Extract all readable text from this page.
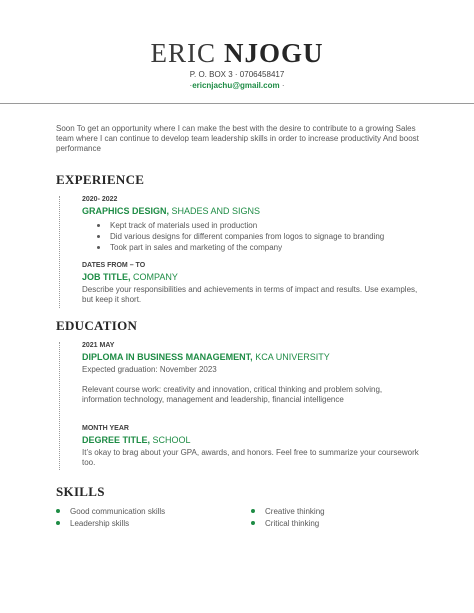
ERIC NJOGU
P. O. BOX 3 · 0706458417
·ericnjachu@gmail.com ·
Soon To get an opportunity where I can make the best with the desire to contribute to a growing Sales team where I can continue to develop team leadership skills in order to increase productivity And boost performance
EXPERIENCE
2020- 2022
GRAPHICS DESIGN, SHADES AND SIGNS
Kept track of materials used in production
Did various designs for different companies from logos to signage to branding
Took part in sales and marketing of the company
DATES FROM – TO
JOB TITLE, COMPANY
Describe your responsibilities and achievements in terms of impact and results. Use examples, but keep it short.
EDUCATION
2021 MAY
DIPLOMA IN BUSINESS MANAGEMENT, KCA UNIVERSITY
Expected graduation: November 2023
Relevant course work: creativity and innovation, critical thinking and problem solving, information technology, management and leadership, financial intelligence
MONTH YEAR
DEGREE TITLE, SCHOOL
It’s okay to brag about your GPA, awards, and honors. Feel free to summarize your coursework too.
SKILLS
Good communication skills
Leadership skills
Creative thinking
Critical thinking
